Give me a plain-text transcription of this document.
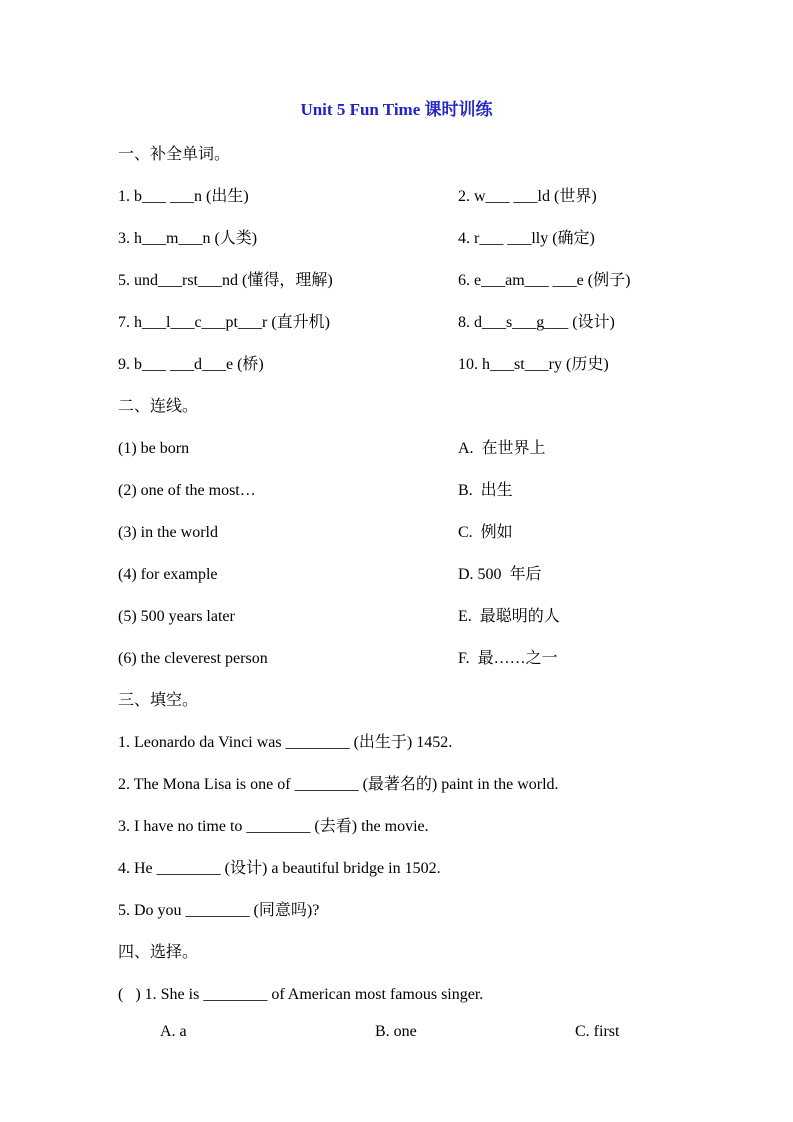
Unit 5 Fun Time 课时训练
一、补全单词。
1. b___ ___n (出生)	2. w___ ___ld (世界)
3. h___m___n (人类)	4. r___ ___lly (确定)
5. und___rst___nd (懂得，理解)	6. e___am___ ___e (例子)
7. h___l___c___pt___r (直升机)	8. d___s___g___ (设计)
9. b___ ___d___e (桥)	10. h___st___ry (历史)
二、连线。
(1) be born	A.  在世界上
(2) one of the most…	B.  出生
(3) in the world	C.  例如
(4) for example	D. 500  年后
(5) 500 years later	E.  最聪明的人
(6) the cleverest person	F.  最……之一
三、填空。
1. Leonardo da Vinci was ________ (出生于) 1452.
2. The Mona Lisa is one of ________ (最著名的) paint in the world.
3. I have no time to ________ (去看) the movie.
4. He ________ (设计) a beautiful bridge in 1502.
5. Do you ________ (同意吗)?
四、选择。
(   ) 1. She is ________ of American most famous singer.
A. a	B. one	C. first
